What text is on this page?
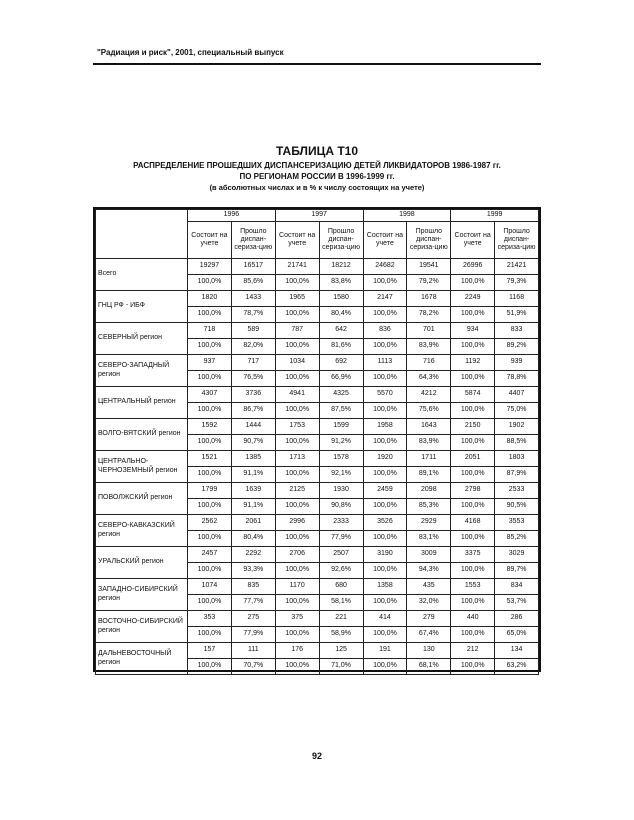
"Радиация и риск", 2001, специальный выпуск
ТАБЛИЦА T10
РАСПРЕДЕЛЕНИЕ ПРОШЕДШИХ ДИСПАНСЕРИЗАЦИЮ ДЕТЕЙ ЛИКВИДАТОРОВ 1986-1987 гг.
ПО РЕГИОНАМ РОССИИ В 1996-1999 гг.
(в абсолютных числах и в % к числу состоящих на учете)
	1996		1997		1998		1999	
	Состоит на учете	Прошло диспан-сериза-цию	Состоит на учете	Прошло диспан-сериза-цию	Состоит на учете	Прошло диспан-сериза-цию	Состоит на учете	Прошло диспан-сериза-цию
Всего	19297	16517	21741	18212	24682	19541	26996	21421
	100,0%	85,6%	100,0%	83,8%	100,0%	79,2%	100,0%	79,3%
ГНЦ РФ - ИБФ	1820	1433	1965	1580	2147	1678	2249	1168
	100,0%	78,7%	100,0%	80,4%	100,0%	78,2%	100,0%	51,9%
СЕВЕРНЫЙ регион	718	589	787	642	836	701	934	833
	100,0%	82,0%	100,0%	81,6%	100,0%	83,9%	100,0%	89,2%
СЕВЕРО-ЗАПАДНЫЙ регион	937	717	1034	692	1113	716	1192	939
	100,0%	76,5%	100,0%	66,9%	100,0%	64,3%	100,0%	78,8%
ЦЕНТРАЛЬНЫЙ регион	4307	3736	4941	4325	5570	4212	5874	4407
	100,0%	86,7%	100,0%	87,5%	100,0%	75,6%	100,0%	75,0%
ВОЛГО-ВЯТСКИЙ регион	1592	1444	1753	1599	1958	1643	2150	1902
	100,0%	90,7%	100,0%	91,2%	100,0%	83,9%	100,0%	88,5%
ЦЕНТРАЛЬНО-ЧЕРНОЗЕМНЫЙ регион	1521	1385	1713	1578	1920	1711	2051	1803
	100,0%	91,1%	100,0%	92,1%	100,0%	89,1%	100,0%	87,9%
ПОВОЛЖСКИЙ регион	1799	1639	2125	1930	2459	2098	2798	2533
	100,0%	91,1%	100,0%	90,8%	100,0%	85,3%	100,0%	90,5%
СЕВЕРО-КАВКАЗСКИЙ регион	2562	2061	2996	2333	3526	2929	4168	3553
	100,0%	80,4%	100,0%	77,9%	100,0%	83,1%	100,0%	85,2%
УРАЛЬСКИЙ регион	2457	2292	2706	2507	3190	3009	3375	3029
	100,0%	93,3%	100,0%	92,6%	100,0%	94,3%	100,0%	89,7%
ЗАПАДНО-СИБИРСКИЙ регион	1074	835	1170	680	1358	435	1553	834
	100,0%	77,7%	100,0%	58,1%	100,0%	32,0%	100,0%	53,7%
ВОСТОЧНО-СИБИРСКИЙ регион	353	275	375	221	414	279	440	286
	100,0%	77,9%	100,0%	58,9%	100,0%	67,4%	100,0%	65,0%
ДАЛЬНЕВОСТОЧНЫЙ регион	157	111	176	125	191	130	212	134
	100,0%	70,7%	100,0%	71,0%	100,0%	68,1%	100,0%	63,2%
92
